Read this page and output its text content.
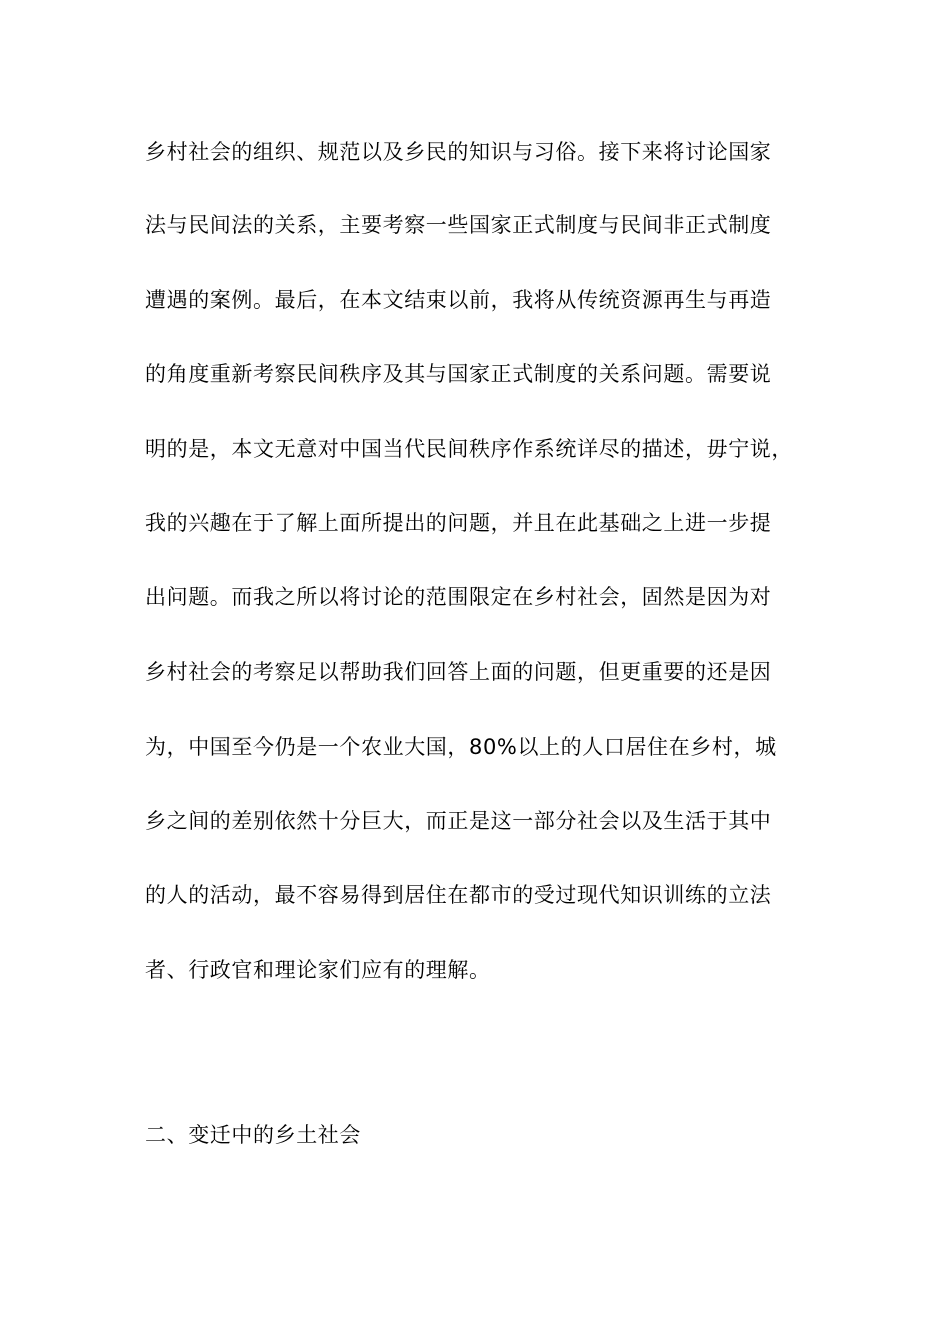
乡村社会的组织、规范以及乡民的知识与习俗。接下来将讨论国家
法与民间法的关系，主要考察一些国家正式制度与民间非正式制度
遭遇的案例。最后，在本文结束以前，我将从传统资源再生与再造
的角度重新考察民间秩序及其与国家正式制度的关系问题。需要说
明的是，本文无意对中国当代民间秩序作系统详尽的描述，毋宁说，
我的兴趣在于了解上面所提出的问题，并且在此基础之上进一步提
出问题。而我之所以将讨论的范围限定在乡村社会，固然是因为对
乡村社会的考察足以帮助我们回答上面的问题，但更重要的还是因
为，中国至今仍是一个农业大国，80%以上的人口居住在乡村，城
乡之间的差别依然十分巨大，而正是这一部分社会以及生活于其中
的人的活动，最不容易得到居住在都市的受过现代知识训练的立法
者、行政官和理论家们应有的理解。
二、变迁中的乡土社会
